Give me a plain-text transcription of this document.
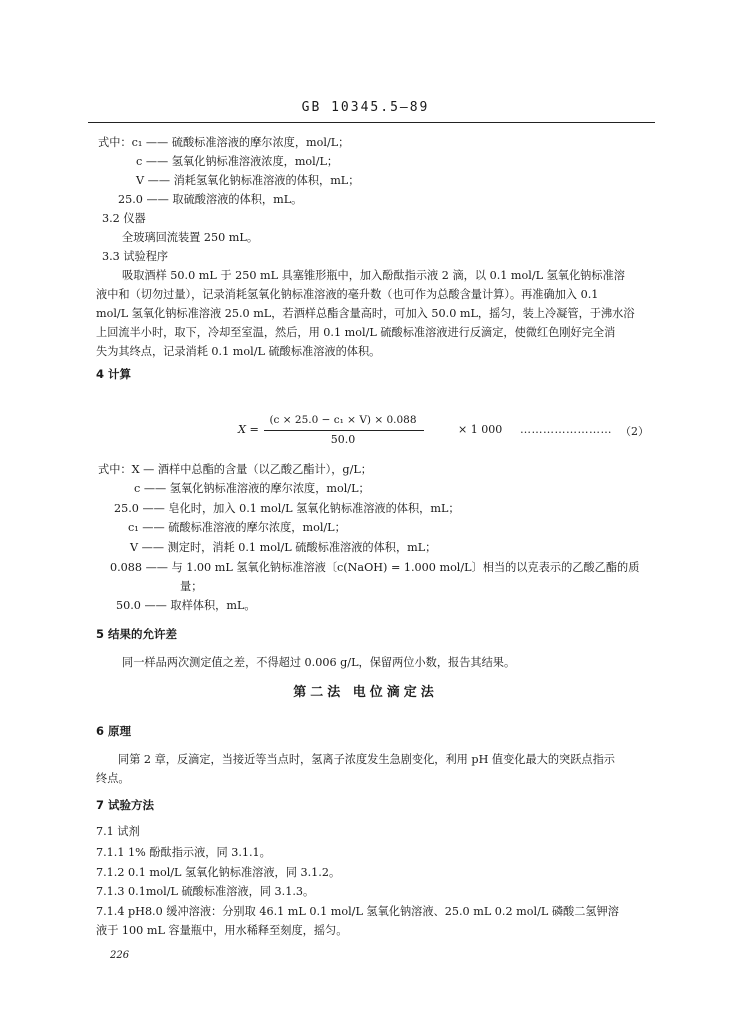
GB 10345.5—89
式中：c₁ —— 硫酸标准溶液的摩尔浓度，mol/L；
c —— 氢氧化钠标准溶液浓度，mol/L；
V —— 消耗氢氧化钠标准溶液的体积，mL；
25.0 —— 取硫酸溶液的体积，mL。
3.2 仪器
全玻璃回流装置 250 mL。
3.3 试验程序
吸取酒样 50.0 mL 于 250 mL 具塞锥形瓶中，加入酚酞指示液 2 滴，以 0.1 mol/L 氢氧化钠标准溶
液中和（切勿过量），记录消耗氢氧化钠标准溶液的毫升数（也可作为总酸含量计算）。再准确加入 0.1
mol/L 氢氧化钠标准溶液 25.0 mL，若酒样总酯含量高时，可加入 50.0 mL，摇匀，装上冷凝管，于沸水浴
上回流半小时，取下，冷却至室温，然后，用 0.1 mol/L 硫酸标准溶液进行反滴定，使微红色刚好完全消
失为其终点，记录消耗 0.1 mol/L 硫酸标准溶液的体积。
4 计算
X =
(c × 25.0 − c₁ × V) × 0.088
50.0
× 1 000 …………………… （2）
式中：X — 酒样中总酯的含量（以乙酸乙酯计），g/L；
c —— 氢氧化钠标准溶液的摩尔浓度，mol/L；
25.0 —— 皂化时，加入 0.1 mol/L 氢氧化钠标准溶液的体积，mL；
c₁ —— 硫酸标准溶液的摩尔浓度，mol/L；
V —— 测定时，消耗 0.1 mol/L 硫酸标准溶液的体积，mL；
0.088 —— 与 1.00 mL 氢氧化钠标准溶液〔c(NaOH) = 1.000 mol/L〕相当的以克表示的乙酸乙酯的质
量；
50.0 —— 取样体积，mL。
5 结果的允许差
同一样品两次测定值之差，不得超过 0.006 g/L，保留两位小数，报告其结果。
第二法 电位滴定法
6 原理
同第 2 章，反滴定，当接近等当点时，氢离子浓度发生急剧变化，利用 pH 值变化最大的突跃点指示
终点。
7 试验方法
7.1 试剂
7.1.1 1% 酚酞指示液，同 3.1.1。
7.1.2 0.1 mol/L 氢氧化钠标准溶液，同 3.1.2。
7.1.3 0.1mol/L 硫酸标准溶液，同 3.1.3。
7.1.4 pH8.0 缓冲溶液：分别取 46.1 mL 0.1 mol/L 氢氧化钠溶液、25.0 mL 0.2 mol/L 磷酸二氢钾溶
液于 100 mL 容量瓶中，用水稀释至刻度，摇匀。
226
